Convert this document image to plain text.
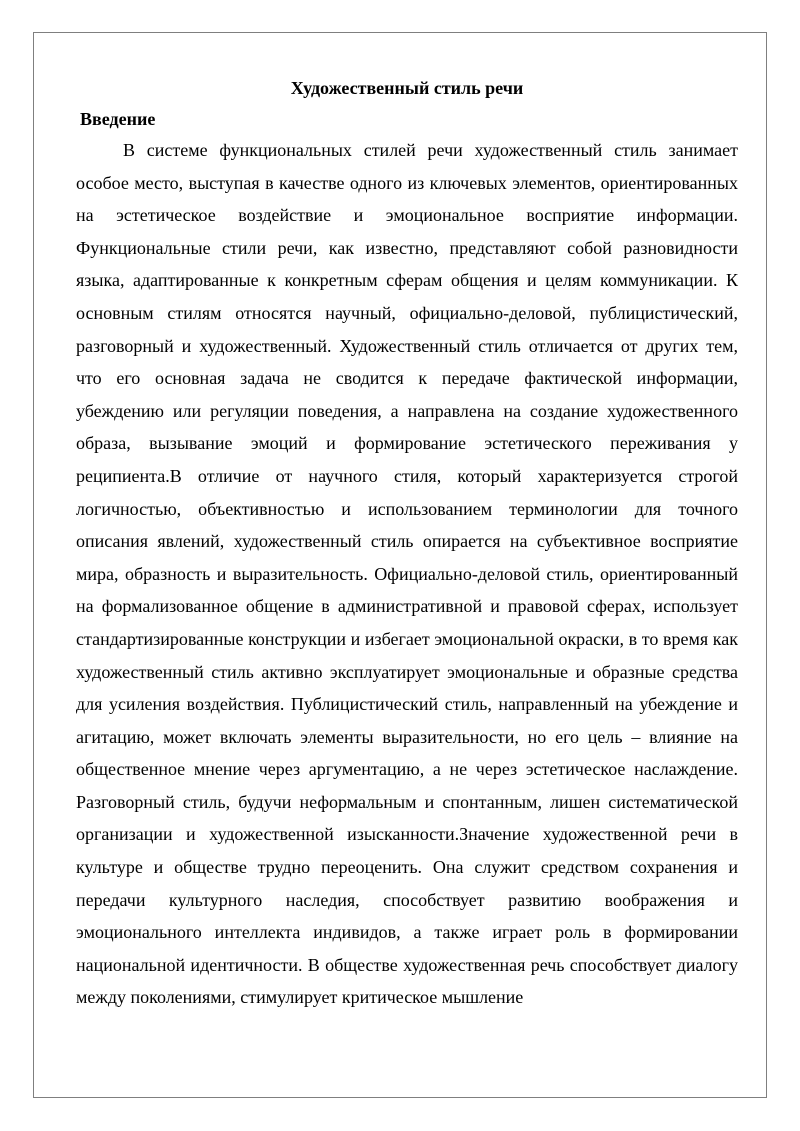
Художественный стиль речи
Введение

В системе функциональных стилей речи художественный стиль занимает особое место, выступая в качестве одного из ключевых элементов, ориентированных на эстетическое воздействие и эмоциональное восприятие информации. Функциональные стили речи, как известно, представляют собой разновидности языка, адаптированные к конкретным сферам общения и целям коммуникации. К основным стилям относятся научный, официально-деловой, публицистический, разговорный и художественный. Художественный стиль отличается от других тем, что его основная задача не сводится к передаче фактической информации, убеждению или регуляции поведения, а направлена на создание художественного образа, вызывание эмоций и формирование эстетического переживания у реципиента.В отличие от научного стиля, который характеризуется строгой логичностью, объективностью и использованием терминологии для точного описания явлений, художественный стиль опирается на субъективное восприятие мира, образность и выразительность. Официально-деловой стиль, ориентированный на формализованное общение в административной и правовой сферах, использует стандартизированные конструкции и избегает эмоциональной окраски, в то время как художественный стиль активно эксплуатирует эмоциональные и образные средства для усиления воздействия. Публицистический стиль, направленный на убеждение и агитацию, может включать элементы выразительности, но его цель – влияние на общественное мнение через аргументацию, а не через эстетическое наслаждение. Разговорный стиль, будучи неформальным и спонтанным, лишен систематической организации и художественной изысканности.Значение художественной речи в культуре и обществе трудно переоценить. Она служит средством сохранения и передачи культурного наследия, способствует развитию воображения и эмоционального интеллекта индивидов, а также играет роль в формировании национальной идентичности. В обществе художественная речь способствует диалогу между поколениями, стимулирует критическое мышление
